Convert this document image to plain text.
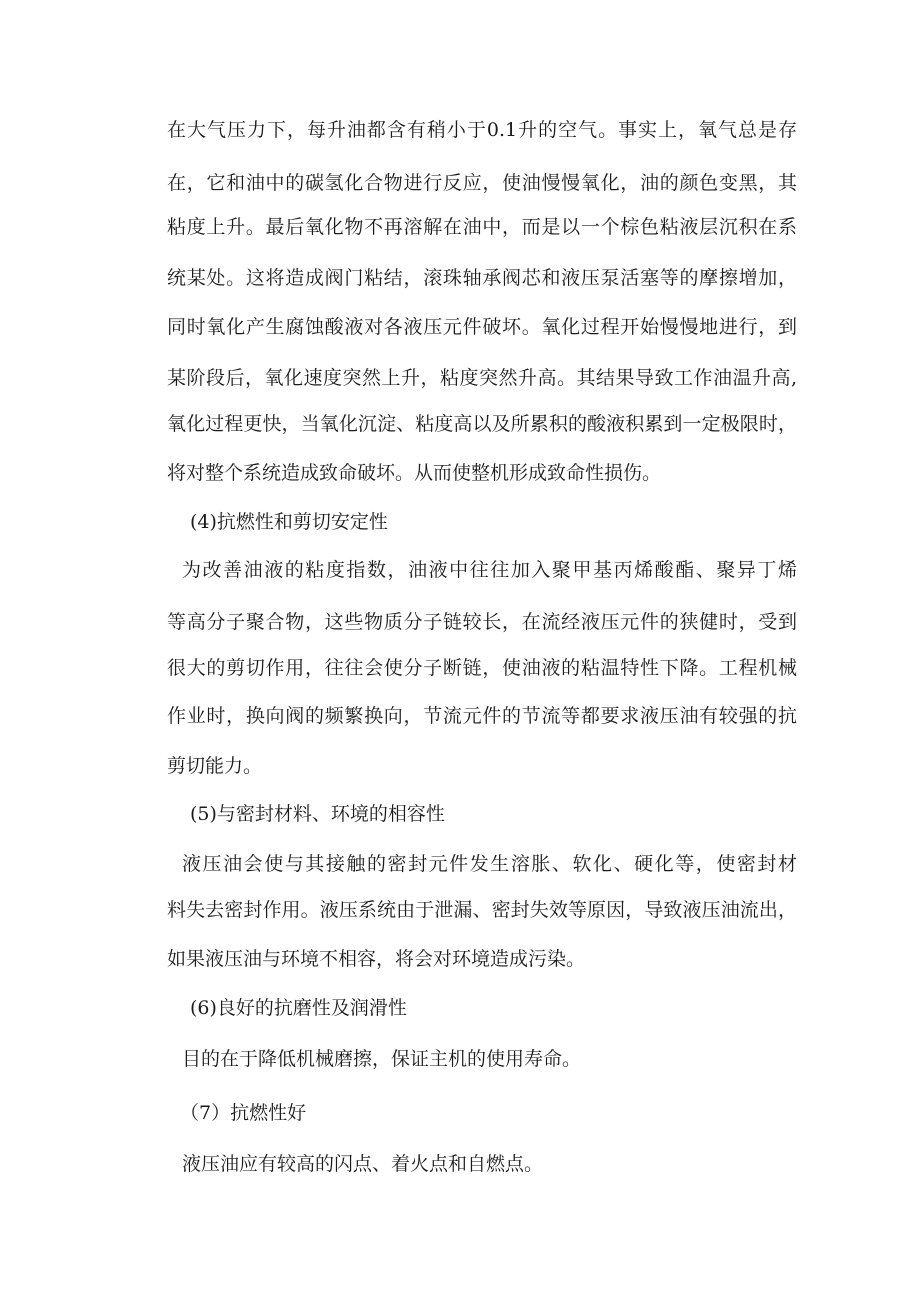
在大气压力下，每升油都含有稍小于0.1升的空气。事实上，氧气总是存
在，它和油中的碳氢化合物进行反应，使油慢慢氧化，油的颜色变黑，其
粘度上升。最后氧化物不再溶解在油中，而是以一个棕色粘液层沉积在系
统某处。这将造成阀门粘结，滚珠轴承阀芯和液压泵活塞等的摩擦增加，
同时氧化产生腐蚀酸液对各液压元件破坏。氧化过程开始慢慢地进行，到
某阶段后，氧化速度突然上升，粘度突然升高。其结果导致工作油温升高,
氧化过程更快，当氧化沉淀、粘度高以及所累积的酸液积累到一定极限时，
将对整个系统造成致命破坏。从而使整机形成致命性损伤。
(4)抗燃性和剪切安定性
为改善油液的粘度指数，油液中往往加入聚甲基丙烯酸酯、聚异丁烯
等高分子聚合物，这些物质分子链较长，在流经液压元件的狭健时，受到
很大的剪切作用，往往会使分子断链，使油液的粘温特性下降。工程机械
作业时，换向阀的频繁换向，节流元件的节流等都要求液压油有较强的抗
剪切能力。
(5)与密封材料、环境的相容性
液压油会使与其接触的密封元件发生溶胀、软化、硬化等，使密封材
料失去密封作用。液压系统由于泄漏、密封失效等原因，导致液压油流出，
如果液压油与环境不相容，将会对环境造成污染。
(6)良好的抗磨性及润滑性
目的在于降低机械磨擦，保证主机的使用寿命。
（7）抗燃性好
液压油应有较高的闪点、着火点和自燃点。
